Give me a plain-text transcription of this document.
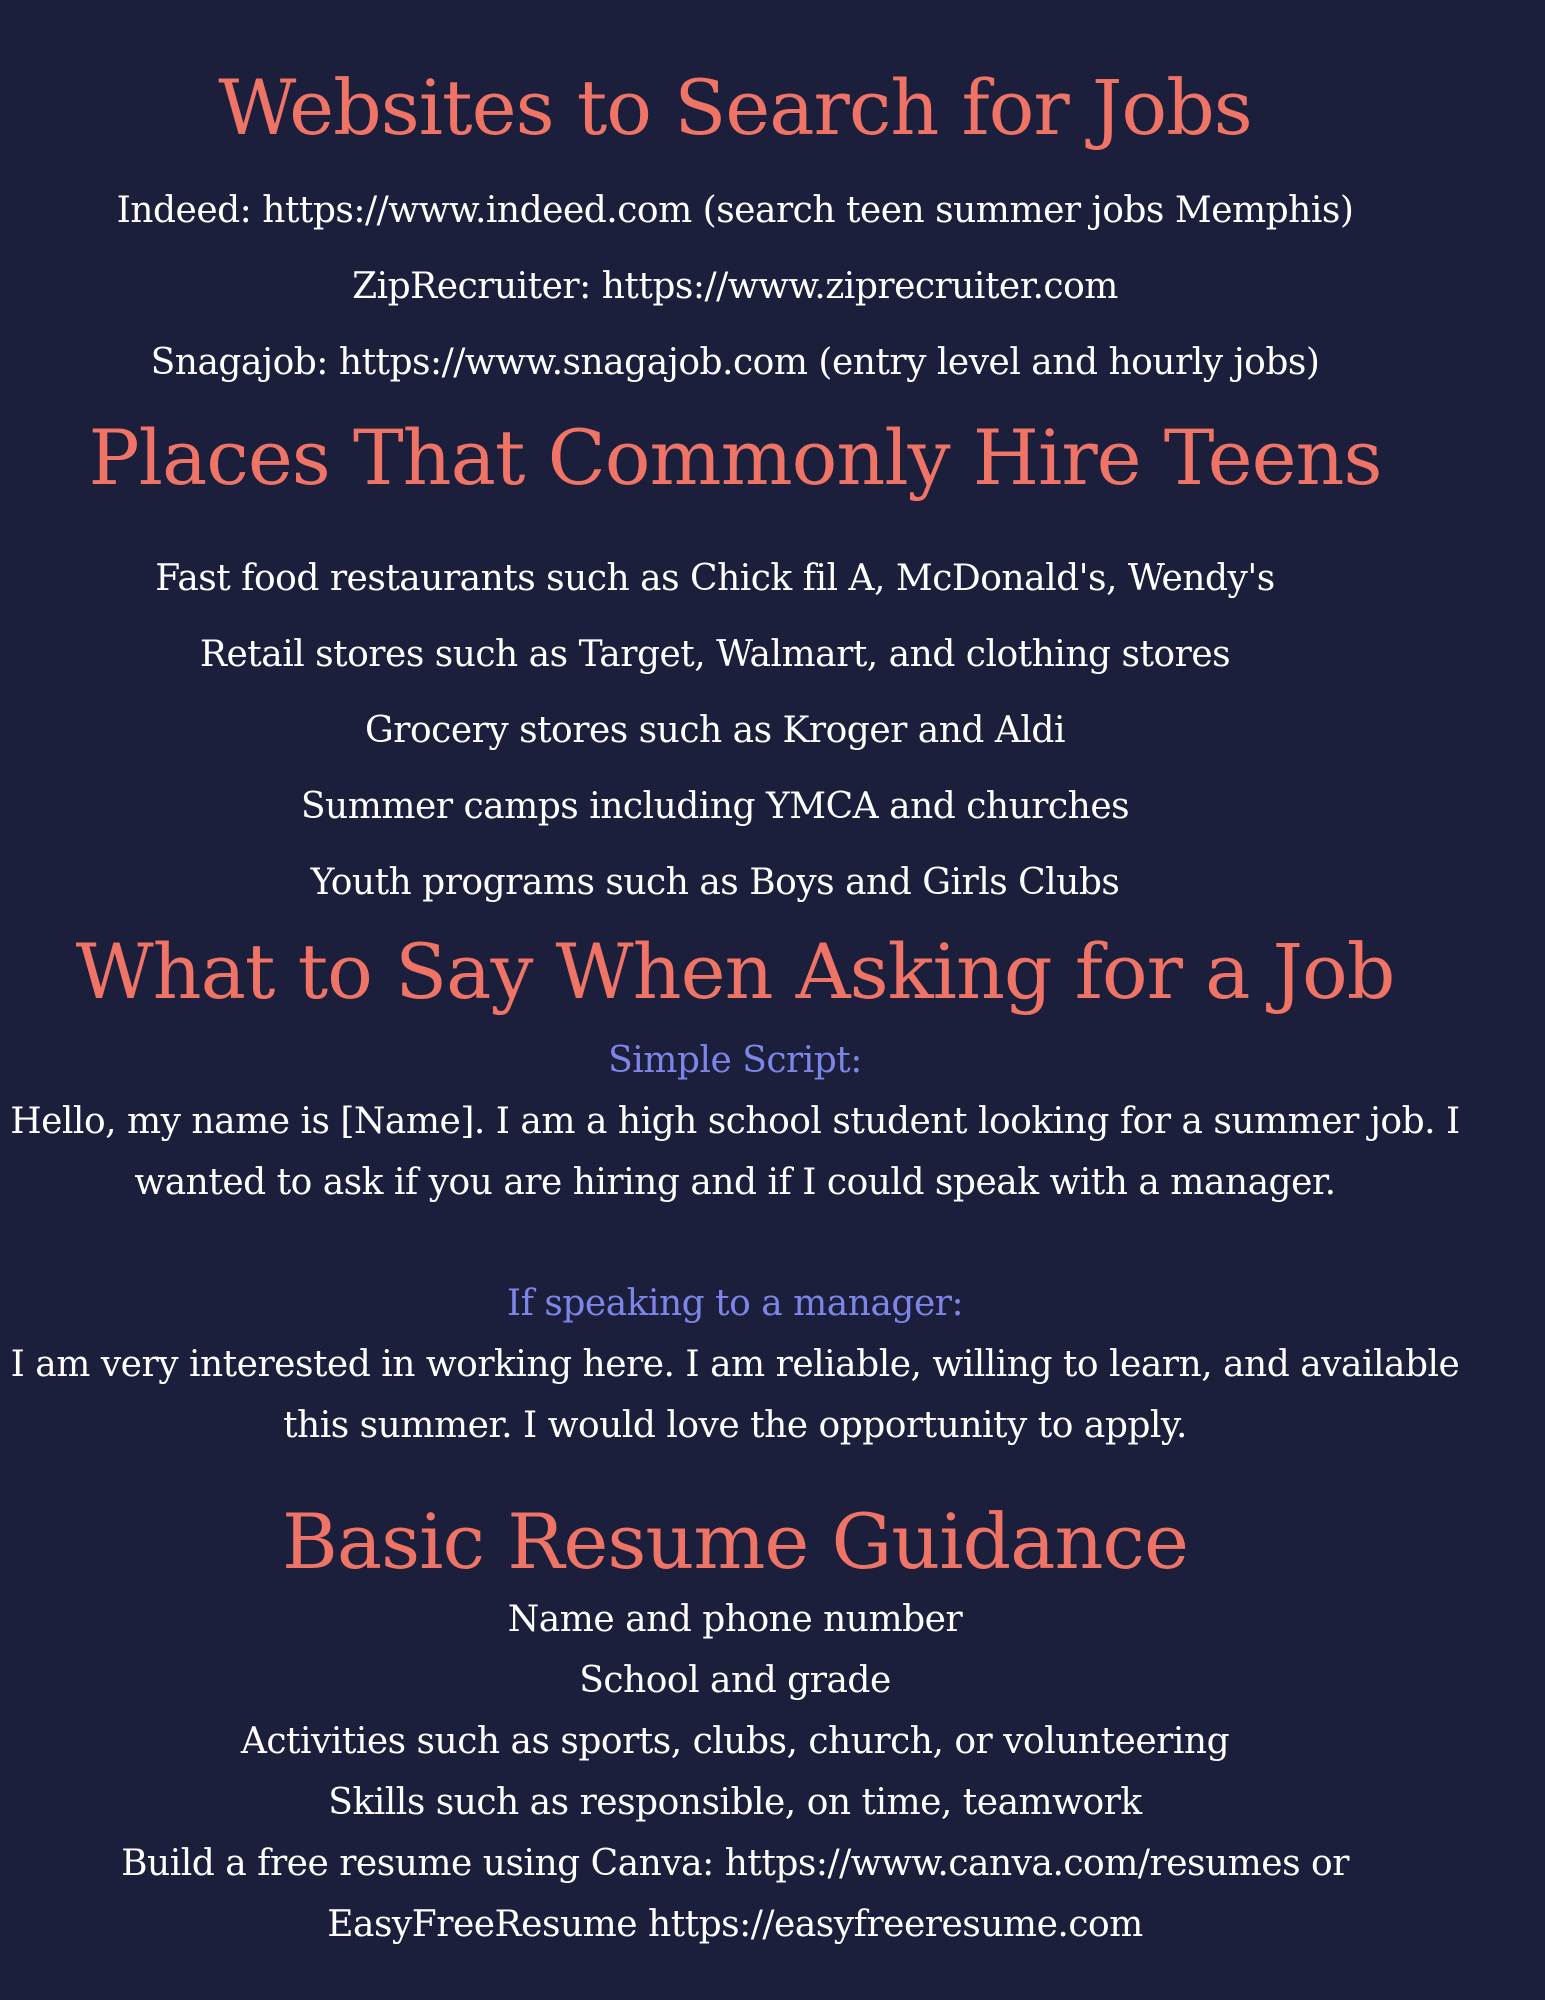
Websites to Search for Jobs

Indeed: https://www.indeed.com (search teen summer jobs Memphis)

ZipRecruiter: https://www.ziprecruiter.com

Snagajob: https://www.snagajob.com (entry level and hourly jobs)

Places That Commonly Hire Teens

Fast food restaurants such as Chick fil A, McDonald's, Wendy's

Retail stores such as Target, Walmart, and clothing stores

Grocery stores such as Kroger and Aldi

Summer camps including YMCA and churches

Youth programs such as Boys and Girls Clubs

What to Say When Asking for a Job

Simple Script:

Hello, my name is [Name]. I am a high school student looking for a summer job. I

wanted to ask if you are hiring and if I could speak with a manager.

If speaking to a manager:

I am very interested in working here. I am reliable, willing to learn, and available

this summer. I would love the opportunity to apply.

Basic Resume Guidance

Name and phone number

School and grade

Activities such as sports, clubs, church, or volunteering

Skills such as responsible, on time, teamwork

Build a free resume using Canva: https://www.canva.com/resumes or

EasyFreeResume https://easyfreeresume.com
